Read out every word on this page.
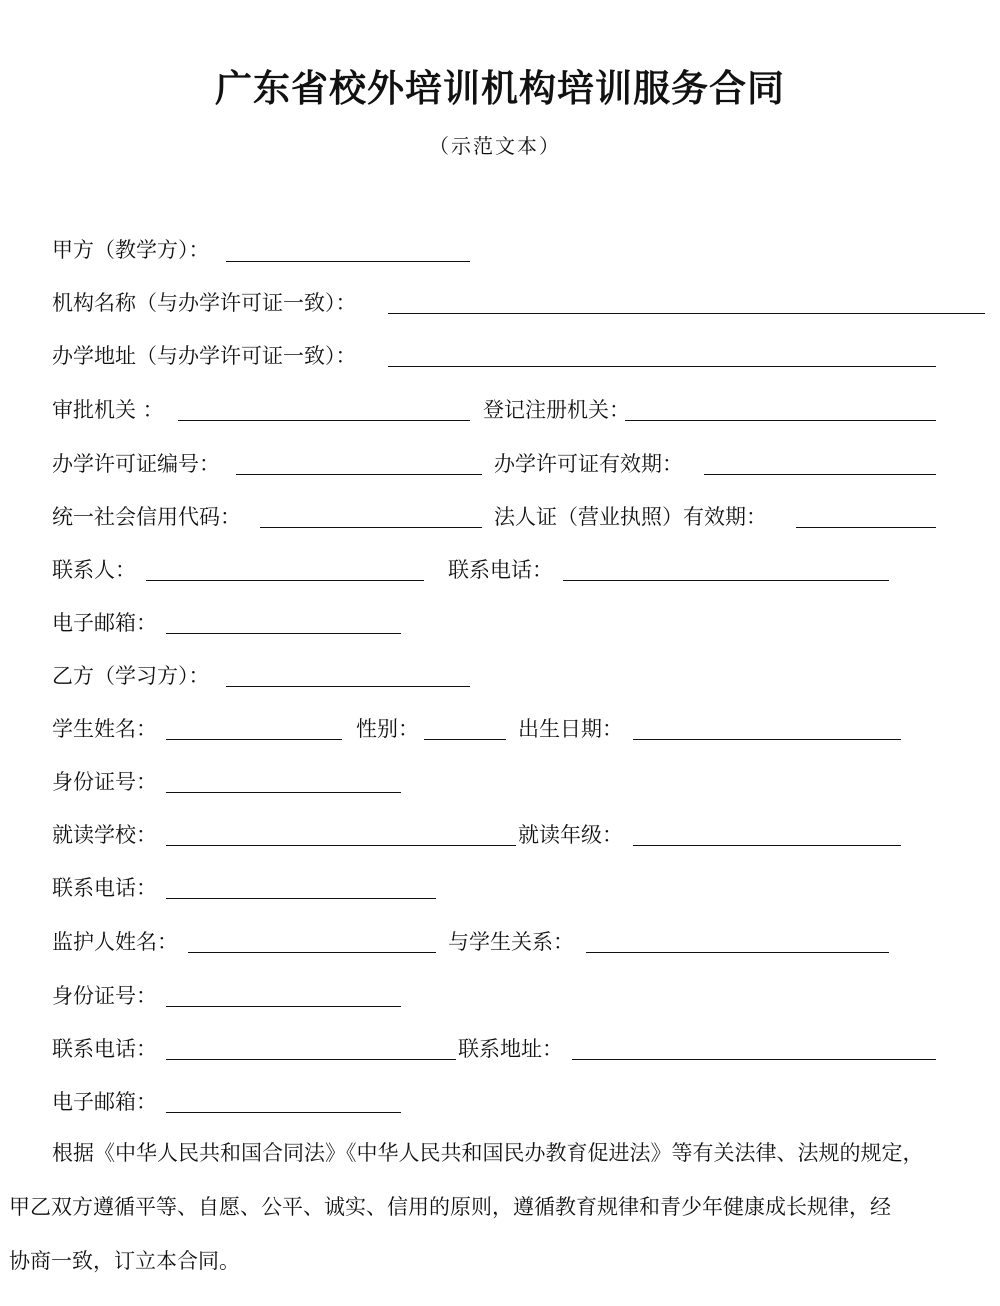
广东省校外培训机构培训服务合同
（示范文本）
甲方（教学方）：
机构名称（与办学许可证一致）：
办学地址（与办学许可证一致）：
审批机关 ：	登记注册机关：
办学许可证编号：	办学许可证有效期：
统一社会信用代码：	法人证（营业执照）有效期：
联系人：	联系电话：
电子邮箱：
乙方（学习方）：
学生姓名：	性别：	出生日期：
身份证号：
就读学校：	就读年级：
联系电话：
监护人姓名：	与学生关系：
身份证号：
联系电话：	联系地址：
电子邮箱：
根据《中华人民共和国合同法》《中华人民共和国民办教育促进法》等有关法律、法规的规定，
甲乙双方遵循平等、自愿、公平、诚实、信用的原则，遵循教育规律和青少年健康成长规律，经
协商一致，订立本合同。
